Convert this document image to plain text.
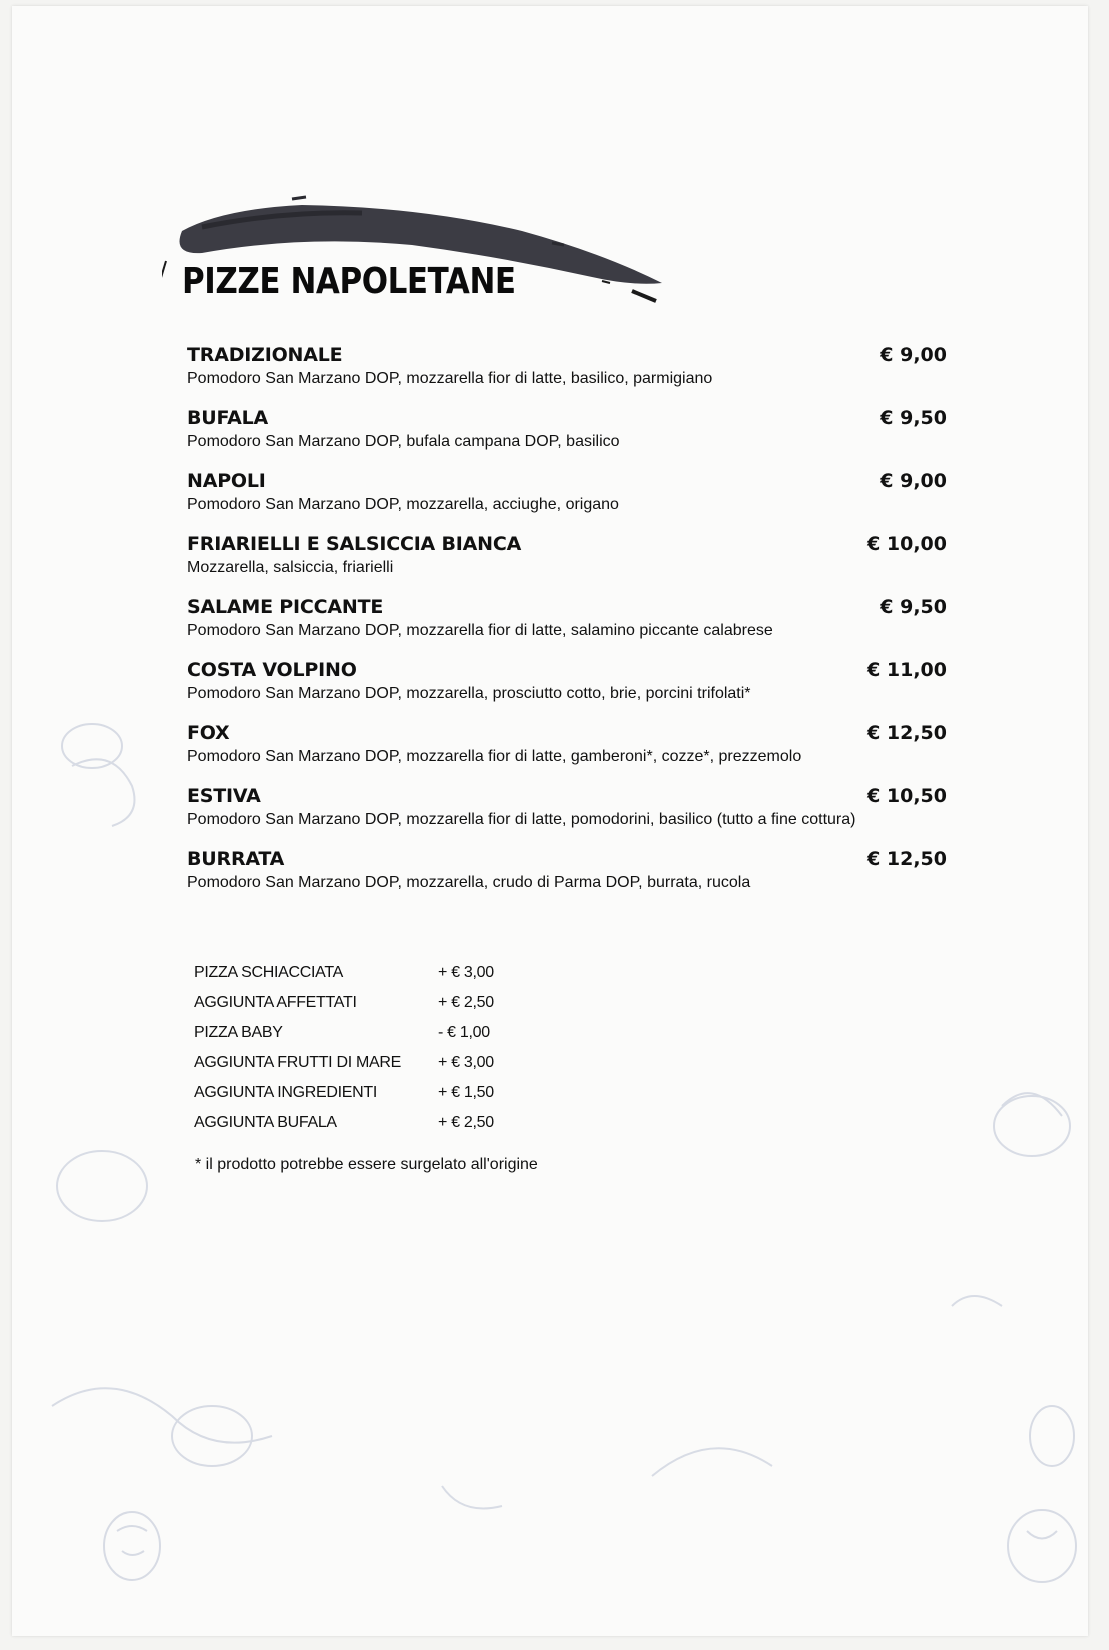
PIZZE NAPOLETANE
TRADIZIONALE	€ 9,00
Pomodoro San Marzano DOP, mozzarella fior di latte, basilico, parmigiano
BUFALA	€ 9,50
Pomodoro San Marzano DOP, bufala campana DOP, basilico
NAPOLI	€ 9,00
Pomodoro San Marzano DOP, mozzarella, acciughe, origano
FRIARIELLI E SALSICCIA BIANCA	€ 10,00
Mozzarella, salsiccia, friarielli
SALAME PICCANTE	€ 9,50
Pomodoro San Marzano DOP, mozzarella fior di latte, salamino piccante calabrese
COSTA VOLPINO	€ 11,00
Pomodoro San Marzano DOP, mozzarella, prosciutto cotto, brie, porcini trifolati*
FOX	€ 12,50
Pomodoro San Marzano DOP, mozzarella fior di latte, gamberoni*, cozze*, prezzemolo
ESTIVA	€ 10,50
Pomodoro San Marzano DOP, mozzarella fior di latte, pomodorini, basilico (tutto a fine cottura)
BURRATA	€ 12,50
Pomodoro San Marzano DOP, mozzarella, crudo di Parma DOP, burrata, rucola
PIZZA SCHIACCIATA	+ € 3,00
AGGIUNTA AFFETTATI	+ € 2,50
PIZZA BABY	- € 1,00
AGGIUNTA FRUTTI DI MARE + € 3,00
AGGIUNTA INGREDIENTI	+ € 1,50
AGGIUNTA BUFALA	+ € 2,50
* il prodotto potrebbe essere surgelato all'origine
